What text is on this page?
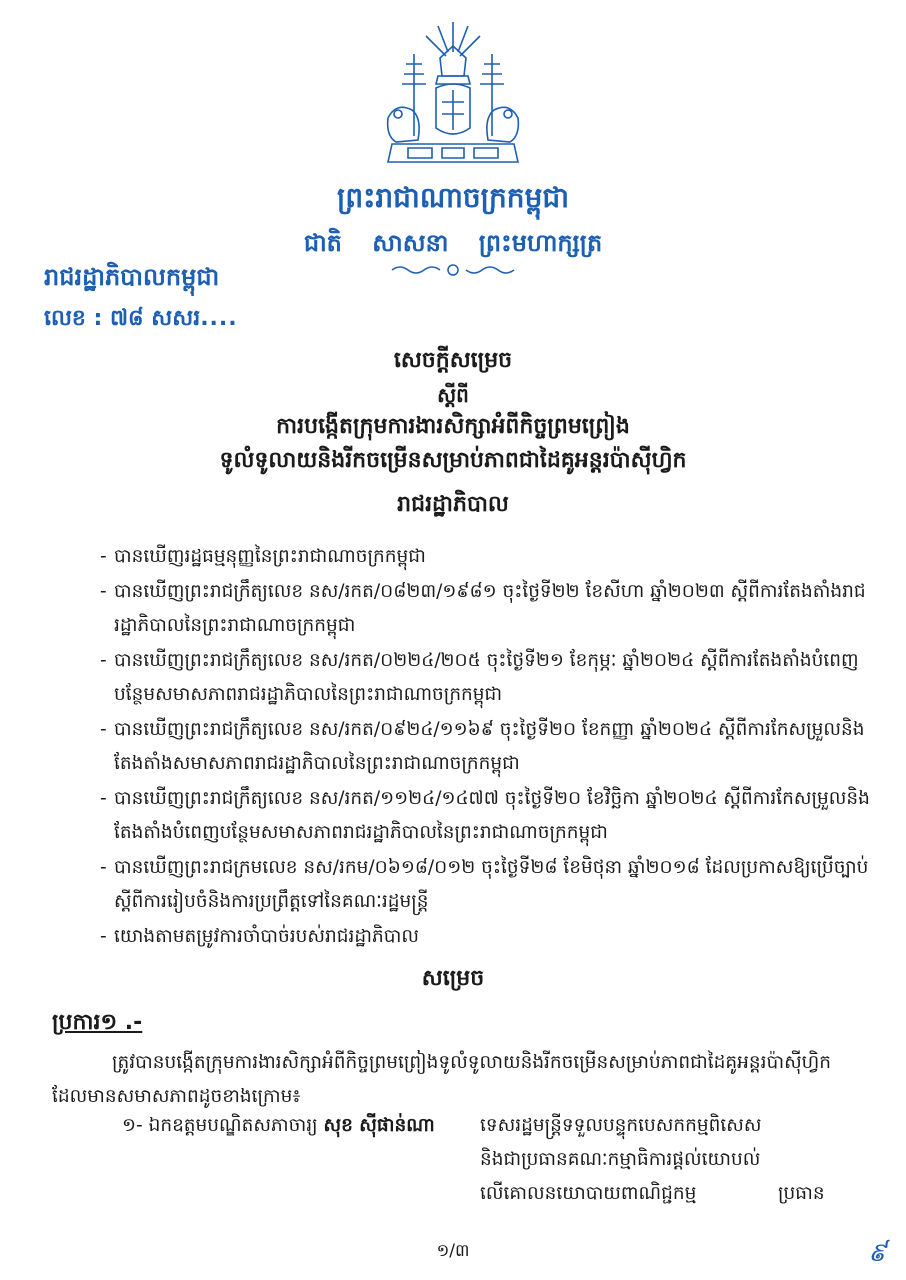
ព្រះរាជាណាចក្រកម្ពុជា
ជាតិ សាសនា ព្រះមហាក្សត្រ
រាជរដ្ឋាភិបាលកម្ពុជា
លេខ : ៧៨ សសរ....
សេចក្តីសម្រេច
ស្តីពី
ការបង្កើតក្រុមការងារសិក្សាអំពីកិច្ចព្រមព្រៀង
ទូលំទូលាយនិងរីកចម្រើនសម្រាប់ភាពជាដៃគូអន្តរប៉ាស៊ីហ្វិក
រាជរដ្ឋាភិបាល

- បានឃើញរដ្ឋធម្មនុញ្ញនៃព្រះរាជាណាចក្រកម្ពុជា

- បានឃើញព្រះរាជក្រឹត្យលេខ នស/រកត/០៨២៣/១៩៨១ ចុះថ្ងៃទី២២ ខែសីហា ឆ្នាំ២០២៣ ស្តីពីការតែងតាំងរាជរដ្ឋាភិបាលនៃព្រះរាជាណាចក្រកម្ពុជា

- បានឃើញព្រះរាជក្រឹត្យលេខ នស/រកត/០២២៤/២០៥ ចុះថ្ងៃទី២១ ខែកុម្ភៈ ឆ្នាំ២០២៤ ស្តីពីការតែងតាំងបំពេញបន្ថែមសមាសភាពរាជរដ្ឋាភិបាលនៃព្រះរាជាណាចក្រកម្ពុជា

- បានឃើញព្រះរាជក្រឹត្យលេខ នស/រកត/០៩២៤/១១៦៩ ចុះថ្ងៃទី២០ ខែកញ្ញា ឆ្នាំ២០២៤ ស្តីពីការកែសម្រួលនិងតែងតាំងសមាសភាពរាជរដ្ឋាភិបាលនៃព្រះរាជាណាចក្រកម្ពុជា

- បានឃើញព្រះរាជក្រឹត្យលេខ នស/រកត/១១២៤/១៤៧៧ ចុះថ្ងៃទី២០ ខែវិច្ឆិកា ឆ្នាំ២០២៤ ស្តីពីការកែសម្រួលនិងតែងតាំងបំពេញបន្ថែមសមាសភាពរាជរដ្ឋាភិបាលនៃព្រះរាជាណាចក្រកម្ពុជា

- បានឃើញព្រះរាជក្រមលេខ នស/រកម/០៦១៨/០១២ ចុះថ្ងៃទី២៨ ខែមិថុនា ឆ្នាំ២០១៨ ដែលប្រកាសឱ្យប្រើច្បាប់ស្តីពីការរៀបចំនិងការប្រព្រឹត្តទៅនៃគណៈរដ្ឋមន្ត្រី

- យោងតាមតម្រូវការចាំបាច់របស់រាជរដ្ឋាភិបាល

សម្រេច
ប្រការ១ .-
ត្រូវបានបង្កើតក្រុមការងារសិក្សាអំពីកិច្ចព្រមព្រៀងទូលំទូលាយនិងរីកចម្រើនសម្រាប់ភាពជាដៃគូអន្តរប៉ាស៊ីហ្វិក ដែលមានសមាសភាពដូចខាងក្រោម៖
១- ឯកឧត្តមបណ្ឌិតសភាចារ្យ សុខ ស៊ីផាន់ណា ទេសរដ្ឋមន្ត្រីទទួលបន្ទុកបេសកកម្មពិសេស
និងជាប្រធានគណៈកម្មាធិការផ្តល់យោបល់
លើគោលនយោបាយពាណិជ្ជកម្ម	ប្រធាន
១/៣	៩
